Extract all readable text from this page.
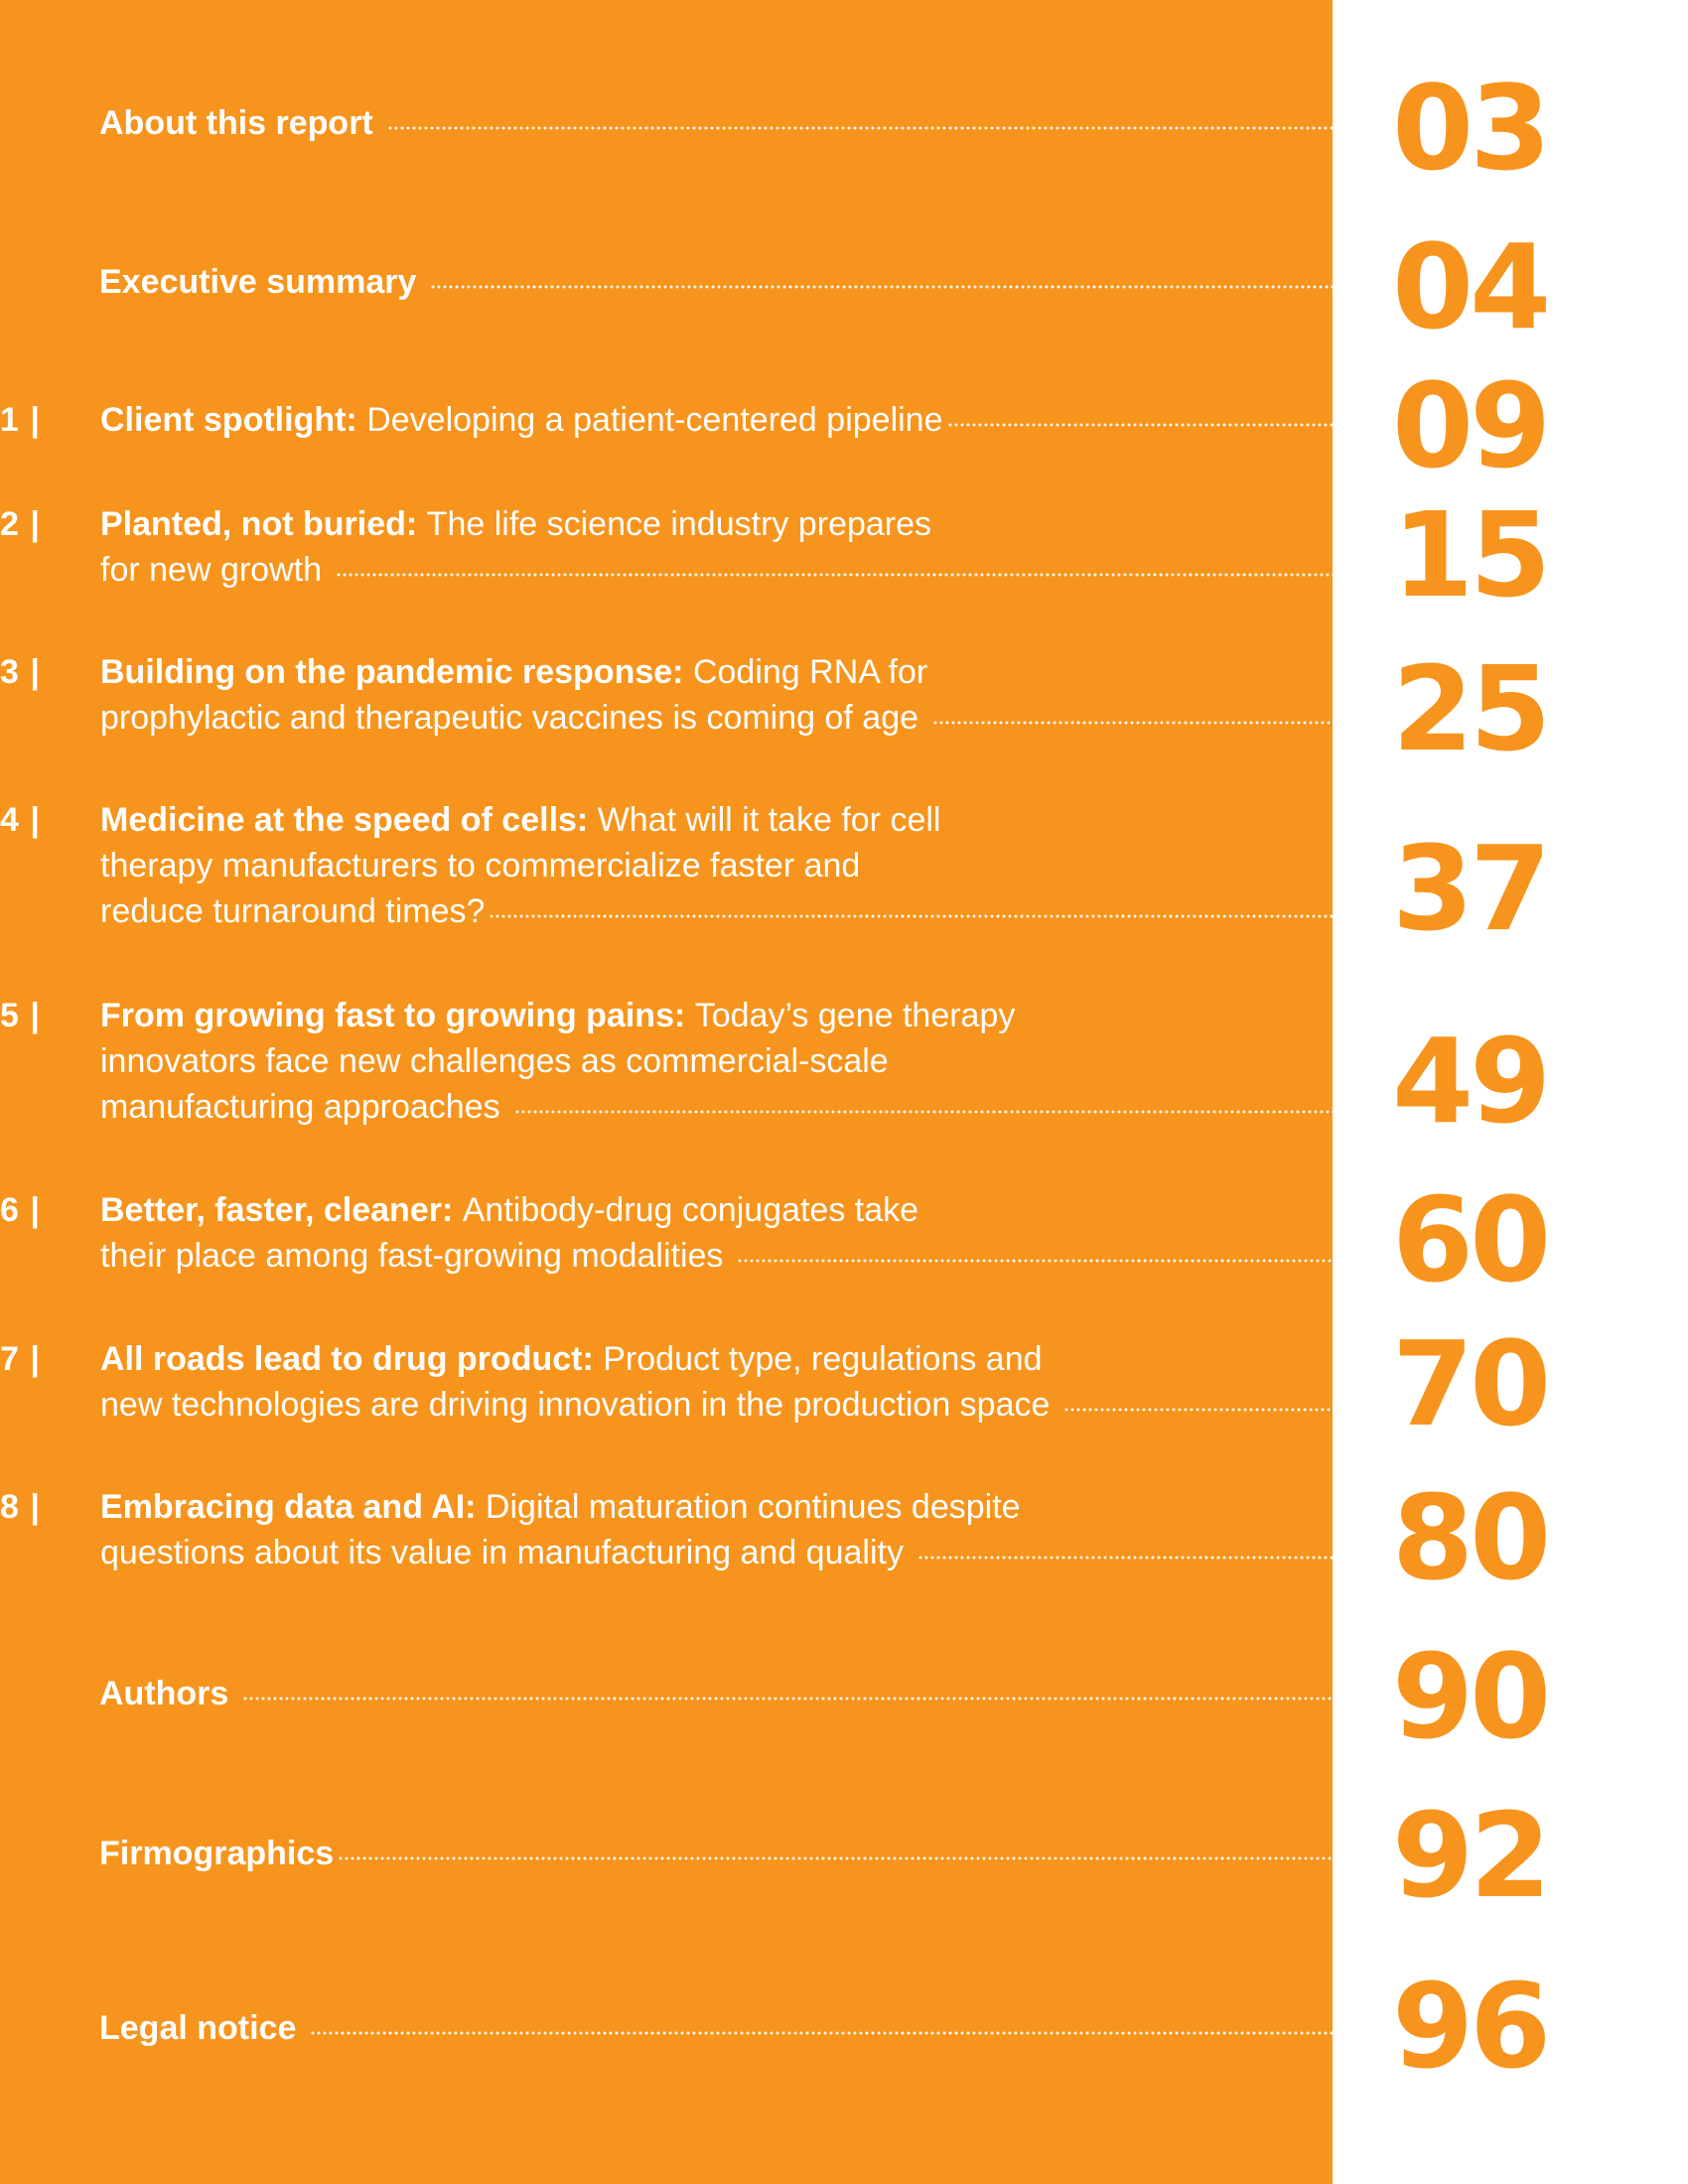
About this report	03
Executive summary	04
1 |	Client spotlight:
Developing a patient-centered pipeline	09
2 |	Planted, not buried:
The life science industry prepares
for new growth	15
3 |	Building on the pandemic response:
Coding RNA for
prophylactic and therapeutic vaccines is coming of age	25
4 |	Medicine at the speed of cells:
What will it take for cell
therapy manufacturers to commercialize faster and
reduce turnaround times?	37
5 |	From growing fast to growing pains:
Today’s gene therapy
innovators face new challenges as commercial-scale
manufacturing approaches	49
6 |	Better, faster, cleaner:
Antibody-drug conjugates take
their place among fast-growing modalities	60
7 |	All roads lead to drug product:
Product type, regulations and
new technologies are driving innovation in the production space	70
8 |	Embracing data and AI:
Digital maturation continues despite
questions about its value in manufacturing and quality	80
Authors	90
Firmographics	92
Legal notice	96
